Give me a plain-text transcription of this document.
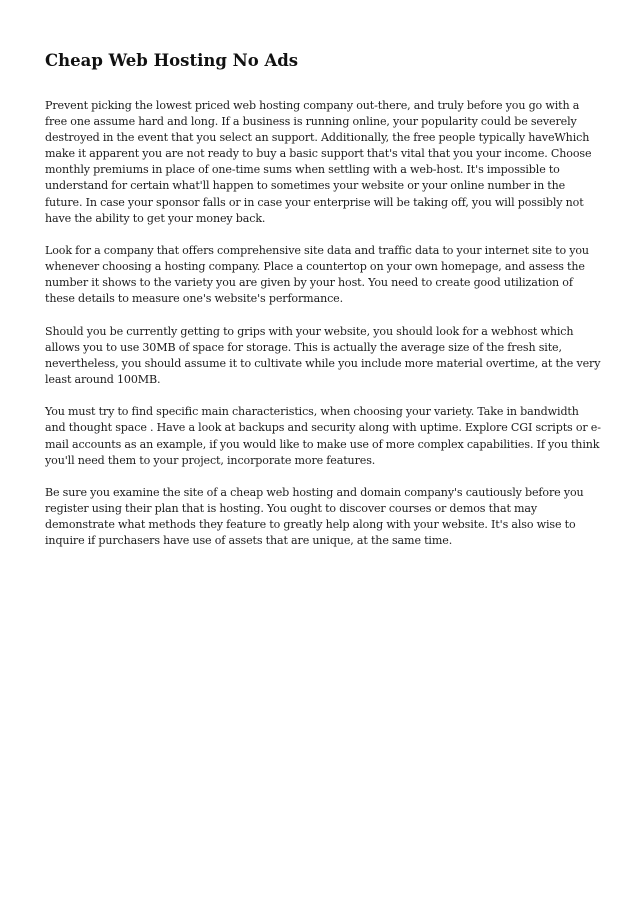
Cheap Web Hosting No Ads
Prevent picking the lowest priced web hosting company out-there, and truly before you go with a
free one assume hard and long. If a business is running online, your popularity could be severely
destroyed in the event that you select an support. Additionally, the free people typically haveWhich
make it apparent you are not ready to buy a basic support that's vital that you your income. Choose
monthly premiums in place of one-time sums when settling with a web-host. It's impossible to
understand for certain what'll happen to sometimes your website or your online number in the
future. In case your sponsor falls or in case your enterprise will be taking off, you will possibly not
have the ability to get your money back.
Look for a company that offers comprehensive site data and traffic data to your internet site to you
whenever choosing a hosting company. Place a countertop on your own homepage, and assess the
number it shows to the variety you are given by your host. You need to create good utilization of
these details to measure one's website's performance.
Should you be currently getting to grips with your website, you should look for a webhost which
allows you to use 30MB of space for storage. This is actually the average size of the fresh site,
nevertheless, you should assume it to cultivate while you include more material overtime, at the very
least around 100MB.
You must try to find specific main characteristics, when choosing your variety. Take in bandwidth
and thought space . Have a look at backups and security along with uptime. Explore CGI scripts or e-
mail accounts as an example, if you would like to make use of more complex capabilities. If you think
you'll need them to your project, incorporate more features.
Be sure you examine the site of a cheap web hosting and domain company's cautiously before you
register using their plan that is hosting. You ought to discover courses or demos that may
demonstrate what methods they feature to greatly help along with your website. It's also wise to
inquire if purchasers have use of assets that are unique, at the same time.
